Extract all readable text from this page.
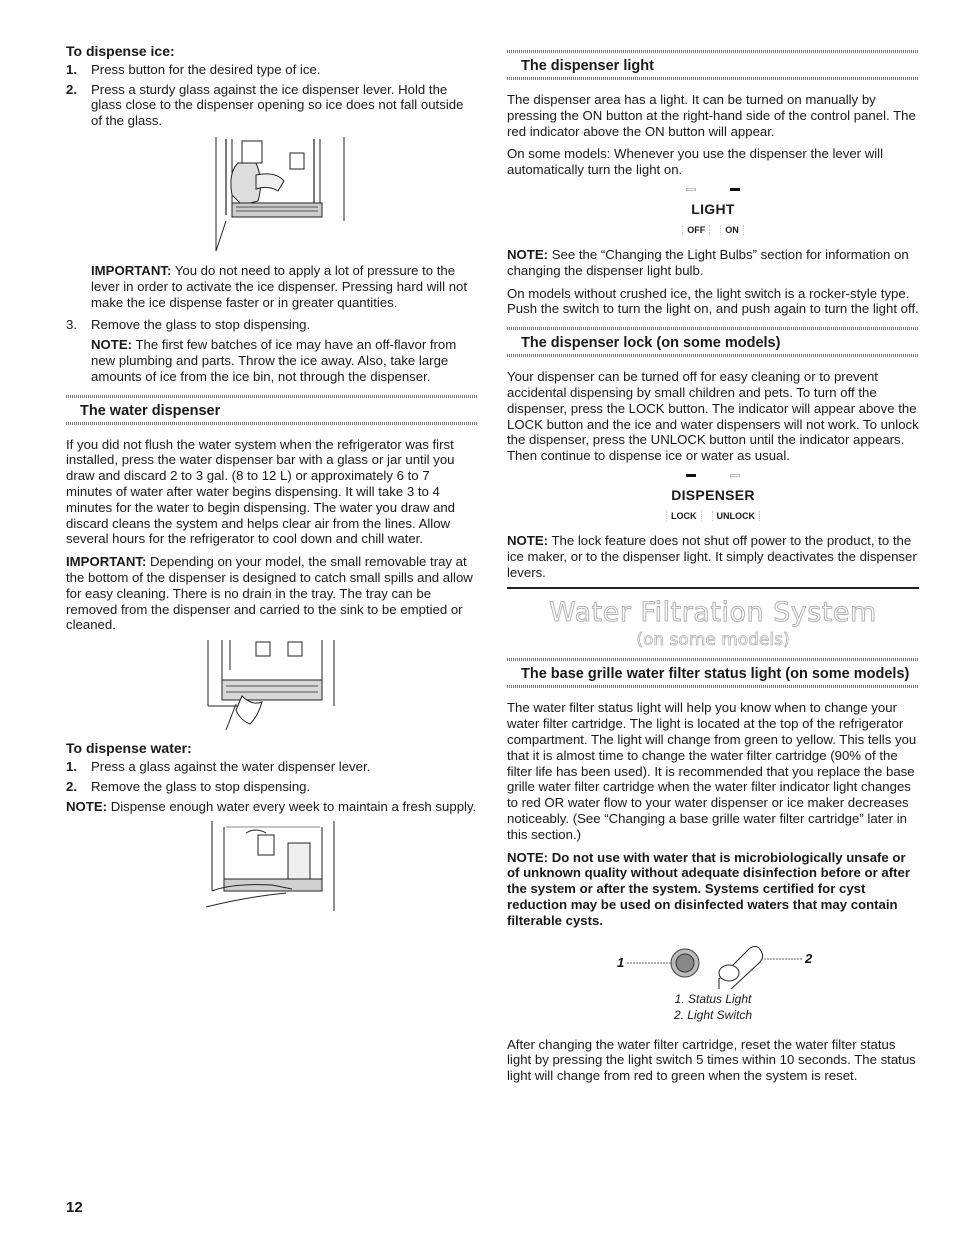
To dispense ice:

1.	Press button for the desired type of ice.
2.	Press a sturdy glass against the ice dispenser lever. Hold the glass close to the dispenser opening so ice does not fall outside of the glass.

IMPORTANT: You do not need to apply a lot of pressure to the lever in order to activate the ice dispenser. Pressing hard will not make the ice dispense faster or in greater quantities.

3.	Remove the glass to stop dispensing.

NOTE: The first few batches of ice may have an off-flavor from new plumbing and parts. Throw the ice away. Also, take large amounts of ice from the ice bin, not through the dispenser.

The water dispenser

If you did not flush the water system when the refrigerator was first installed, press the water dispenser bar with a glass or jar until you draw and discard 2 to 3 gal. (8 to 12 L) or approximately 6 to 7 minutes of water after water begins dispensing. It will take 3 to 4 minutes for the water to begin dispensing. The water you draw and discard cleans the system and helps clear air from the lines. Allow several hours for the refrigerator to cool down and chill water.

IMPORTANT: Depending on your model, the small removable tray at the bottom of the dispenser is designed to catch small spills and allow for easy cleaning. There is no drain in the tray. The tray can be removed from the dispenser and carried to the sink to be emptied or cleaned.

To dispense water:

1.	Press a glass against the water dispenser lever.
2.	Remove the glass to stop dispensing.

NOTE: Dispense enough water every week to maintain a fresh supply.

The dispenser light

The dispenser area has a light. It can be turned on manually by pressing the ON button at the right-hand side of the control panel. The red indicator above the ON button will appear.

On some models: Whenever you use the dispenser the lever will automatically turn the light on.

LIGHT
OFF	ON

NOTE: See the “Changing the Light Bulbs” section for information on changing the dispenser light bulb.

On models without crushed ice, the light switch is a rocker-style type. Push the switch to turn the light on, and push again to turn the light off.

The dispenser lock (on some models)

Your dispenser can be turned off for easy cleaning or to prevent accidental dispensing by small children and pets. To turn off the dispenser, press the LOCK button. The indicator will appear above the LOCK button and the ice and water dispensers will not work. To unlock the dispenser, press the UNLOCK button until the indicator appears. Then continue to dispense ice or water as usual.

DISPENSER
LOCK	UNLOCK

NOTE: The lock feature does not shut off power to the product, to the ice maker, or to the dispenser light. It simply deactivates the dispenser levers.

Water Filtration System
(on some models)
The base grille water filter status light (on some models)

The water filter status light will help you know when to change your water filter cartridge. The light is located at the top of the refrigerator compartment. The light will change from green to yellow. This tells you that it is almost time to change the water filter cartridge (90% of the filter life has been used). It is recommended that you replace the base grille water filter cartridge when the water filter indicator light changes to red OR water flow to your water dispenser or ice maker decreases noticeably. (See “Changing a base grille water filter cartridge” later in this section.)

NOTE: Do not use with water that is microbiologically unsafe or of unknown quality without adequate disinfection before or after the system or after the system. Systems certified for cyst reduction may be used on disinfected waters that may contain filterable cysts.

1	2
1. Status Light
2. Light Switch

After changing the water filter cartridge, reset the water filter status light by pressing the light switch 5 times within 10 seconds. The status light will change from red to green when the system is reset.

12
